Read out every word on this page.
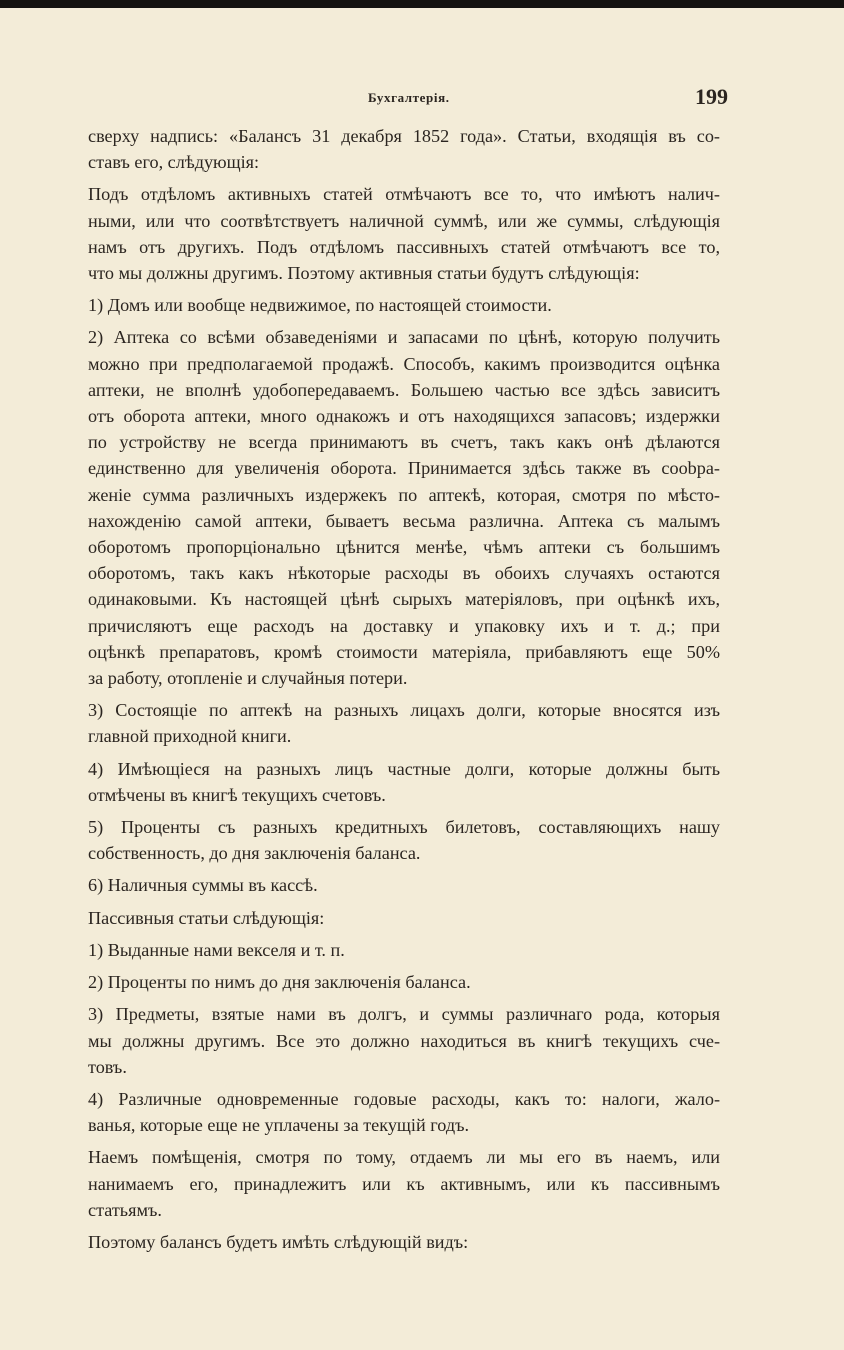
Бухгалтерія.	199
сверху надпись: «Балансъ 31 декабря 1852 года». Статьи, входящія въ со-
ставъ его, слѣдующія:
Подъ отдѣломъ активныхъ статей отмѣчаютъ все то, что имѣютъ налич-
ными, или что соотвѣтствуетъ наличной суммѣ, или же суммы, слѣдующія
намъ отъ другихъ. Подъ отдѣломъ пассивныхъ статей отмѣчаютъ все то,
что мы должны другимъ. Поэтому активныя статьи будутъ слѣдующія:
1) Домъ или вообще недвижимое, по настоящей стоимости.
2) Аптека со всѣми обзаведеніями и запасами по цѣнѣ, которую получить
можно при предполагаемой продажѣ. Способъ, какимъ производится оцѣнка
аптеки, не вполнѣ удобопередаваемъ. Большею частью все здѣсь зависитъ
отъ оборота аптеки, много однакожъ и отъ находящихся запасовъ; издержки
по устройству не всегда принимаютъ въ счетъ, такъ какъ онѣ дѣлаются
единственно для увеличенія оборота. Принимается здѣсь также въ соobра-
женіе сумма различныхъ издержекъ по аптекѣ, которая, смотря по мѣсто-
нахожденію самой аптеки, бываетъ весьма различна. Аптека съ малымъ
оборотомъ пропорціонально цѣнится менѣе, чѣмъ аптеки съ большимъ
оборотомъ, такъ какъ нѣкоторые расходы въ обоихъ случаяхъ остаются
одинаковыми. Къ настоящей цѣнѣ сырыхъ матеріяловъ, при оцѣнкѣ ихъ,
причисляютъ еще расходъ на доставку и упаковку ихъ и т. д.; при
оцѣнкѣ препаратовъ, кромѣ стоимости матеріяла, прибавляютъ еще 50%
за работу, отопленіе и случайныя потери.
3) Состоящіе по аптекѣ на разныхъ лицахъ долги, которые вносятся изъ
главной приходной книги.
4) Имѣющіеся на разныхъ лицъ частные долги, которые должны быть
отмѣчены въ книгѣ текущихъ счетовъ.
5) Проценты съ разныхъ кредитныхъ билетовъ, составляющихъ нашу
собственность, до дня заключенія баланса.
6) Наличныя суммы въ кассѣ.
Пассивныя статьи слѣдующія:
1) Выданные нами векселя и т. п.
2) Проценты по нимъ до дня заключенія баланса.
3) Предметы, взятые нами въ долгъ, и суммы различнаго рода, которыя
мы должны другимъ. Все это должно находиться въ книгѣ текущихъ сче-
товъ.
4) Различные одновременные годовые расходы, какъ то: налоги, жало-
ванья, которые еще не уплачены за текущій годъ.
Наемъ помѣщенія, смотря по тому, отдаемъ ли мы его въ наемъ, или
нанимаемъ его, принадлежитъ или къ активнымъ, или къ пассивнымъ
статьямъ.
Поэтому балансъ будетъ имѣть слѣдующій видъ:
